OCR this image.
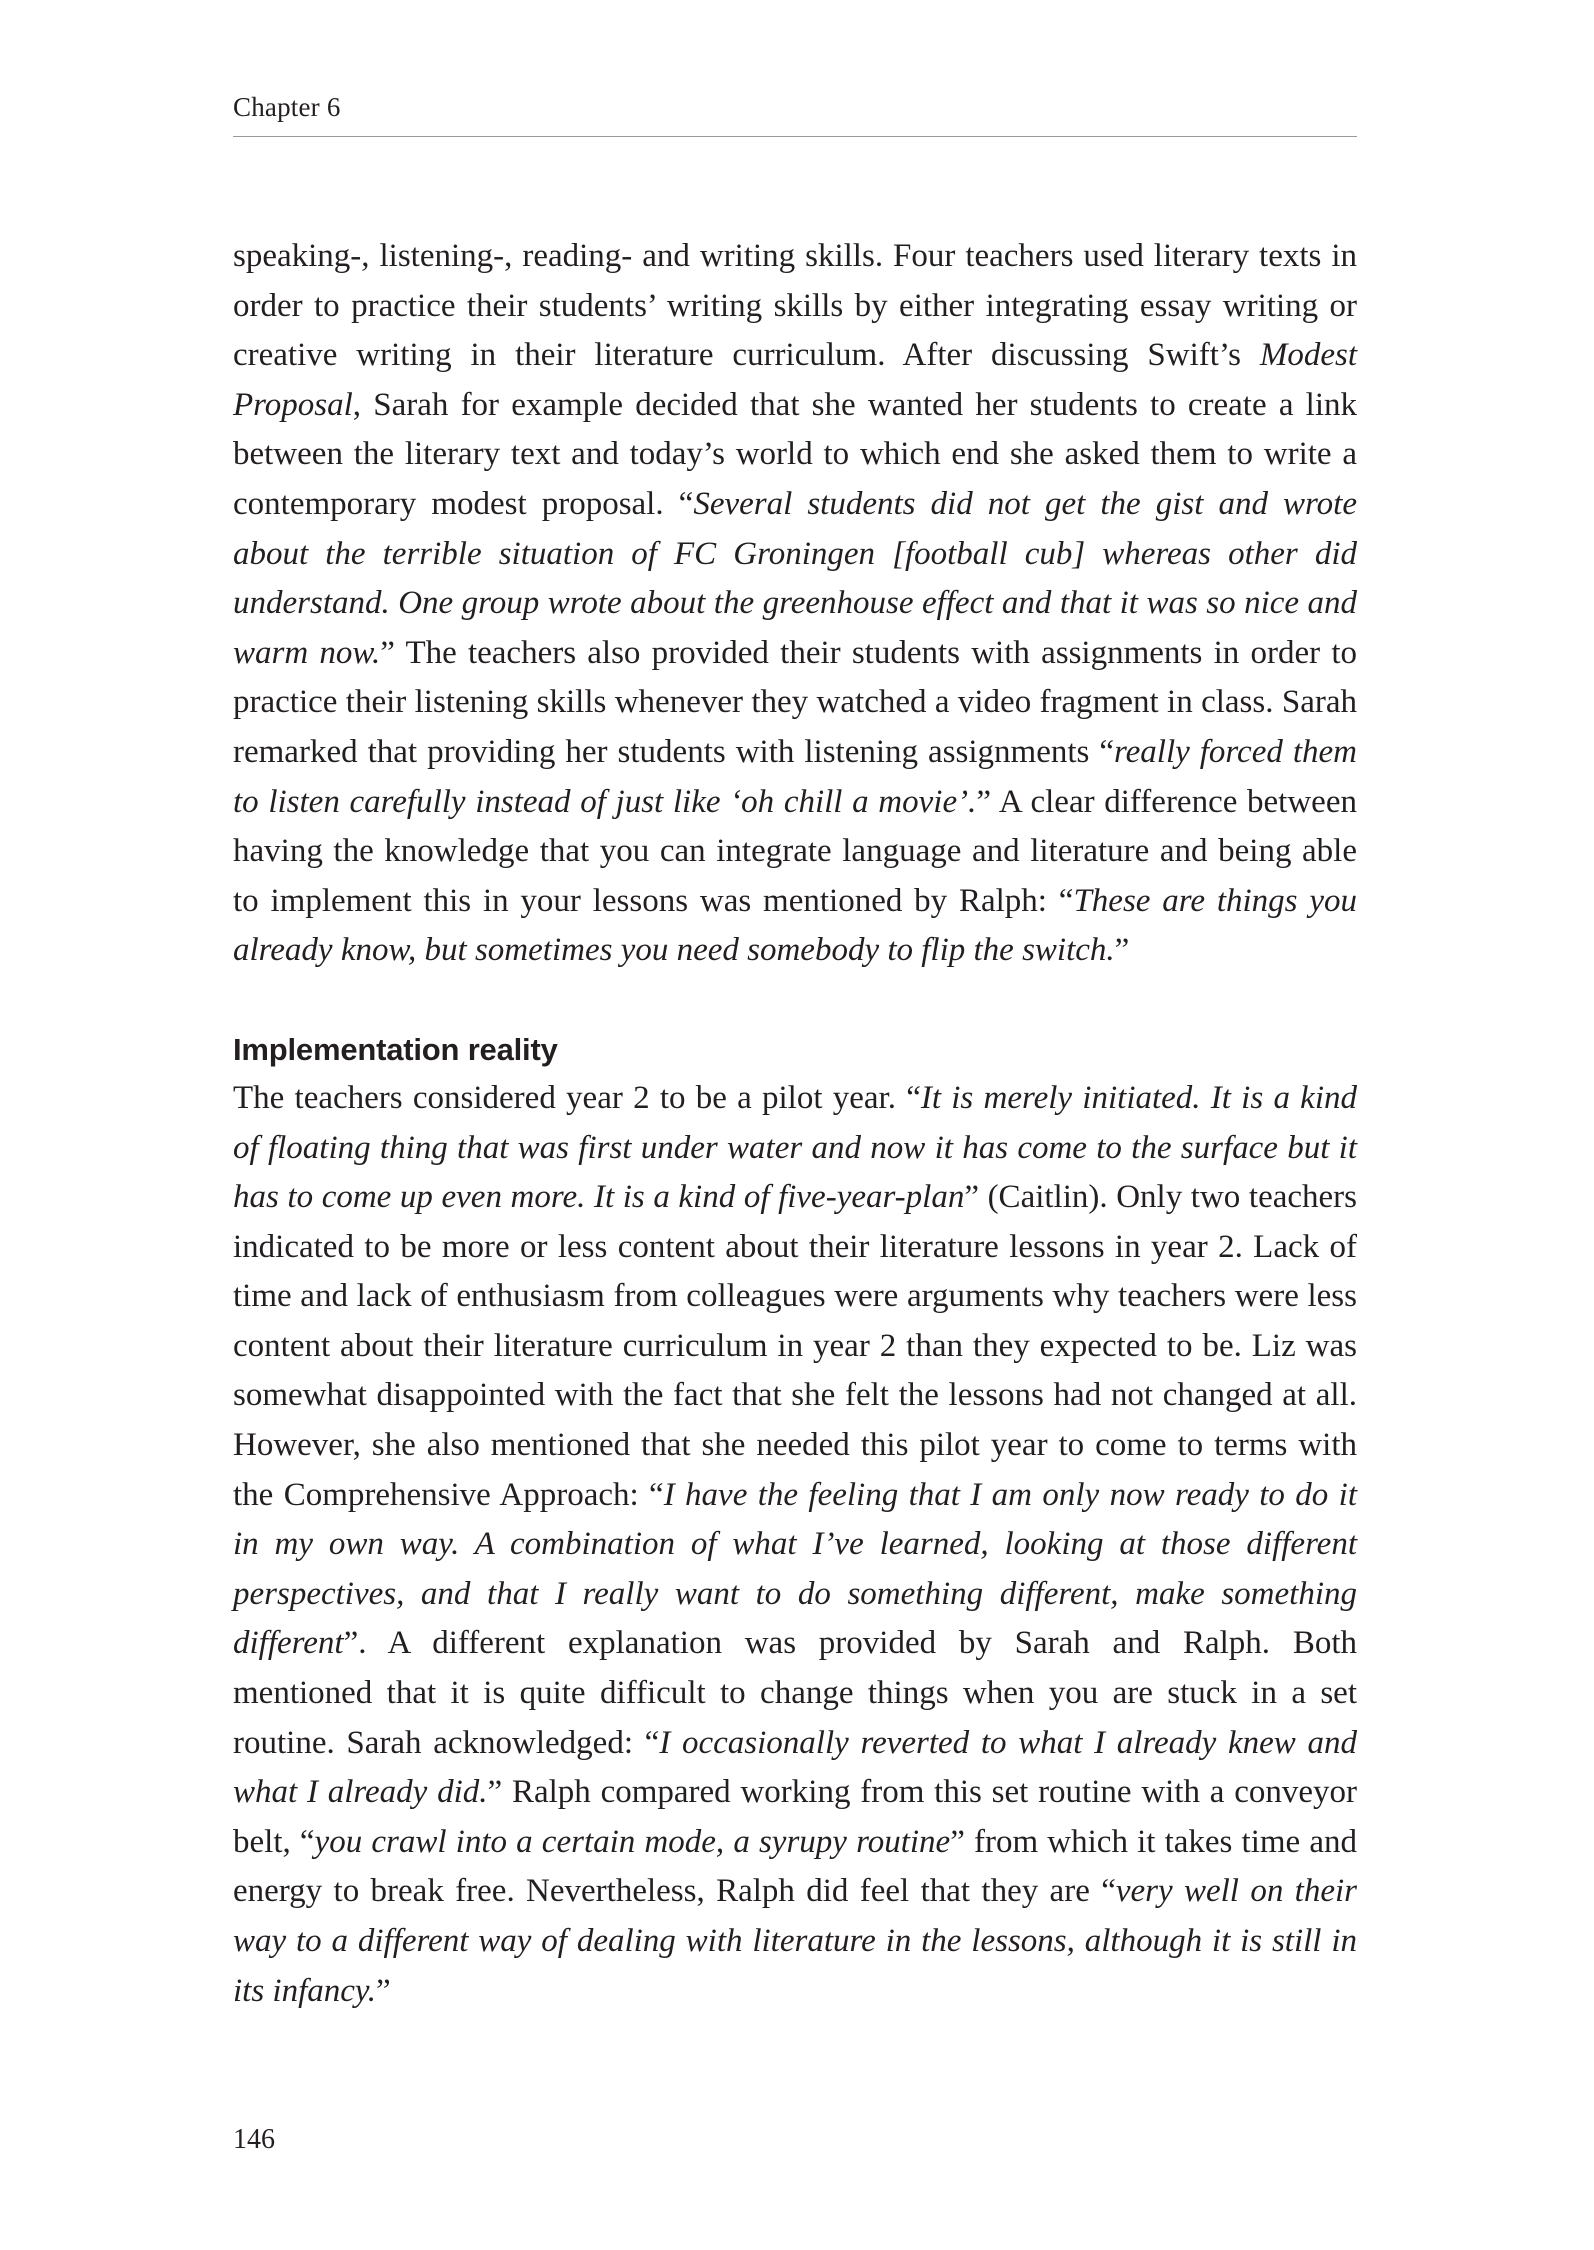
Chapter 6

speaking-, listening-, reading- and writing skills. Four teachers used literary texts in order to practice their students’ writing skills by either integrating essay writing or creative writing in their literature curriculum. After discussing Swift’s Modest Proposal, Sarah for example decided that she wanted her students to create a link between the literary text and today’s world to which end she asked them to write a contemporary modest proposal. “Several students did not get the gist and wrote about the terrible situation of FC Groningen [football cub] whereas other did understand. One group wrote about the greenhouse effect and that it was so nice and warm now.” The teachers also provided their students with assignments in order to practice their listening skills whenever they watched a video fragment in class. Sarah remarked that providing her students with listening assignments “really forced them to listen carefully instead of just like ‘oh chill a movie’.” A clear difference between having the knowledge that you can integrate language and literature and being able to implement this in your lessons was mentioned by Ralph: “These are things you already know, but sometimes you need somebody to flip the switch.”

Implementation reality

The teachers considered year 2 to be a pilot year. “It is merely initiated. It is a kind of floating thing that was first under water and now it has come to the surface but it has to come up even more. It is a kind of five-year-plan” (Caitlin). Only two teachers indicated to be more or less content about their literature lessons in year 2. Lack of time and lack of enthusiasm from colleagues were arguments why teachers were less content about their literature curriculum in year 2 than they expected to be. Liz was somewhat disappointed with the fact that she felt the lessons had not changed at all. However, she also mentioned that she needed this pilot year to come to terms with the Comprehensive Approach: “I have the feeling that I am only now ready to do it in my own way. A combination of what I’ve learned, looking at those different perspectives, and that I really want to do something different, make something different”. A different explanation was provided by Sarah and Ralph. Both mentioned that it is quite difficult to change things when you are stuck in a set routine. Sarah acknowledged: “I occasionally reverted to what I already knew and what I already did.” Ralph compared working from this set routine with a conveyor belt, “you crawl into a certain mode, a syrupy routine” from which it takes time and energy to break free. Nevertheless, Ralph did feel that they are “very well on their way to a different way of dealing with literature in the lessons, although it is still in its infancy.”

146
